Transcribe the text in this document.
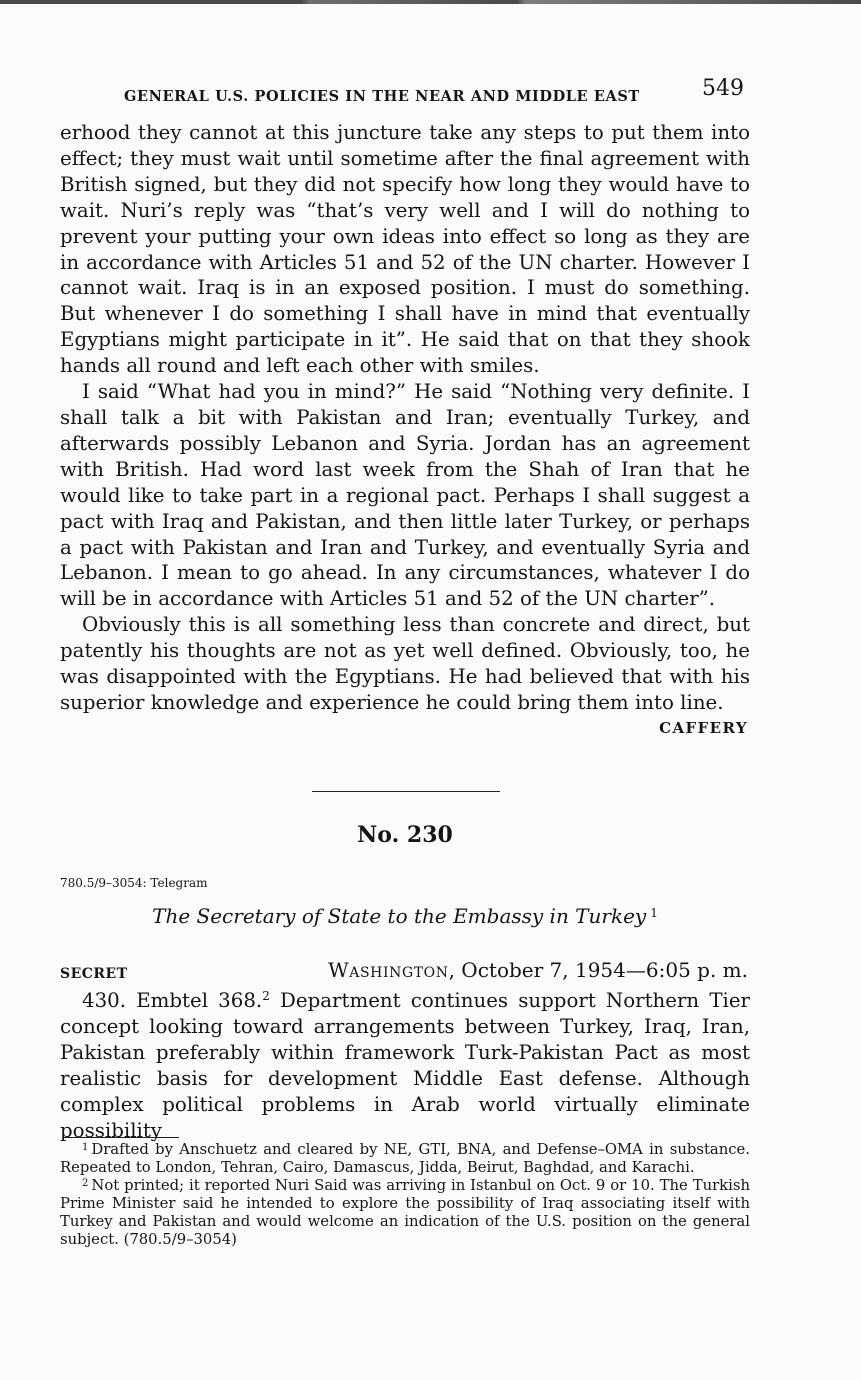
GENERAL U.S. POLICIES IN THE NEAR AND MIDDLE EAST	549

erhood they cannot at this juncture take any steps to put them into effect; they must wait until sometime after the final agreement with British signed, but they did not specify how long they would have to wait. Nuri’s reply was “that’s very well and I will do nothing to prevent your putting your own ideas into effect so long as they are in accordance with Articles 51 and 52 of the UN charter. However I cannot wait. Iraq is in an exposed position. I must do something. But whenever I do something I shall have in mind that eventually Egyptians might participate in it”. He said that on that they shook hands all round and left each other with smiles.

I said “What had you in mind?” He said “Nothing very definite. I shall talk a bit with Pakistan and Iran; eventually Turkey, and afterwards possibly Lebanon and Syria. Jordan has an agreement with British. Had word last week from the Shah of Iran that he would like to take part in a regional pact. Perhaps I shall suggest a pact with Iraq and Pakistan, and then little later Turkey, or perhaps a pact with Pakistan and Iran and Turkey, and eventually Syria and Lebanon. I mean to go ahead. In any circumstances, whatever I do will be in accordance with Articles 51 and 52 of the UN charter”.

Obviously this is all something less than concrete and direct, but patently his thoughts are not as yet well defined. Obviously, too, he was disappointed with the Egyptians. He had believed that with his superior knowledge and experience he could bring them into line.

CAFFERY
No. 230
780.5/9–3054: Telegram
The Secretary of State to the Embassy in Turkey $^1$
SECRET	Washington, October 7, 1954—6:05 p. m.
430. Embtel 368.$^2$ Department continues support Northern Tier concept looking toward arrangements between Turkey, Iraq, Iran, Pakistan preferably within framework Turk-Pakistan Pact as most realistic basis for development Middle East defense. Although complex political problems in Arab world virtually eliminate possibility

$^1$ Drafted by Anschuetz and cleared by NE, GTI, BNA, and Defense–OMA in substance. Repeated to London, Tehran, Cairo, Damascus, Jidda, Beirut, Baghdad, and Karachi.

$^2$ Not printed; it reported Nuri Said was arriving in Istanbul on Oct. 9 or 10. The Turkish Prime Minister said he intended to explore the possibility of Iraq associating itself with Turkey and Pakistan and would welcome an indication of the U.S. position on the general subject. (780.5/9–3054)
